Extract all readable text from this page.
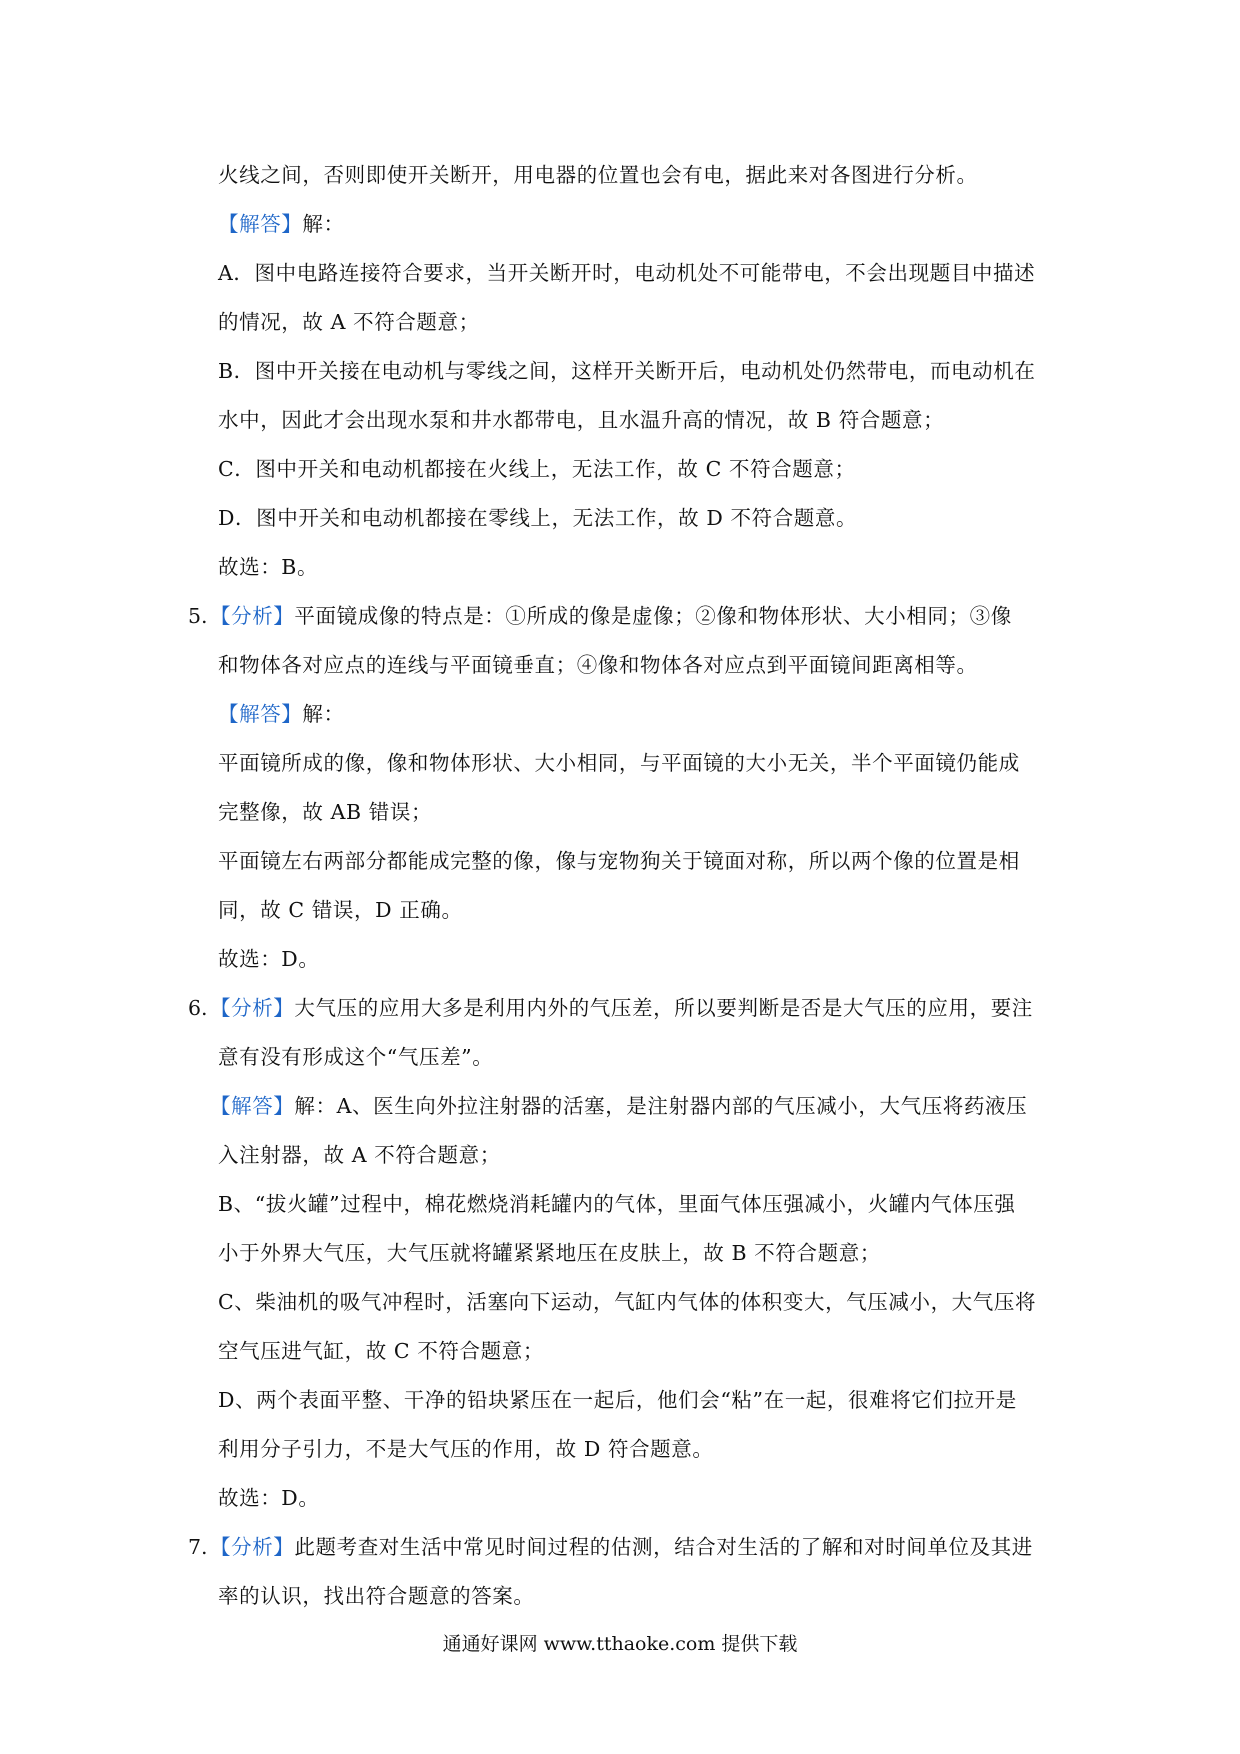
火线之间，否则即使开关断开，用电器的位置也会有电，据此来对各图进行分析。
【解答】解：
A．图中电路连接符合要求，当开关断开时，电动机处不可能带电，不会出现题目中描述
的情况，故 A 不符合题意；
B．图中开关接在电动机与零线之间，这样开关断开后，电动机处仍然带电，而电动机在
水中，因此才会出现水泵和井水都带电，且水温升高的情况，故 B 符合题意；
C．图中开关和电动机都接在火线上，无法工作，故 C 不符合题意；
D．图中开关和电动机都接在零线上，无法工作，故 D 不符合题意。
故选：B。
5. 【分析】平面镜成像的特点是：①所成的像是虚像；②像和物体形状、大小相同；③像
和物体各对应点的连线与平面镜垂直；④像和物体各对应点到平面镜间距离相等。
【解答】解：
平面镜所成的像，像和物体形状、大小相同，与平面镜的大小无关，半个平面镜仍能成
完整像，故 AB 错误；
平面镜左右两部分都能成完整的像，像与宠物狗关于镜面对称，所以两个像的位置是相
同，故 C 错误，D 正确。
故选：D。
6. 【分析】大气压的应用大多是利用内外的气压差，所以要判断是否是大气压的应用，要注
意有没有形成这个“气压差”。
【解答】解：A、医生向外拉注射器的活塞，是注射器内部的气压减小，大气压将药液压
入注射器，故 A 不符合题意；
B、“拔火罐”过程中，棉花燃烧消耗罐内的气体，里面气体压强减小，火罐内气体压强
小于外界大气压，大气压就将罐紧紧地压在皮肤上，故 B 不符合题意；
C、柴油机的吸气冲程时，活塞向下运动，气缸内气体的体积变大，气压减小，大气压将
空气压进气缸，故 C 不符合题意；
D、两个表面平整、干净的铅块紧压在一起后，他们会“粘”在一起，很难将它们拉开是
利用分子引力，不是大气压的作用，故 D 符合题意。
故选：D。
7. 【分析】此题考查对生活中常见时间过程的估测，结合对生活的了解和对时间单位及其进
率的认识，找出符合题意的答案。
通通好课网 www.tthaoke.com 提供下载
